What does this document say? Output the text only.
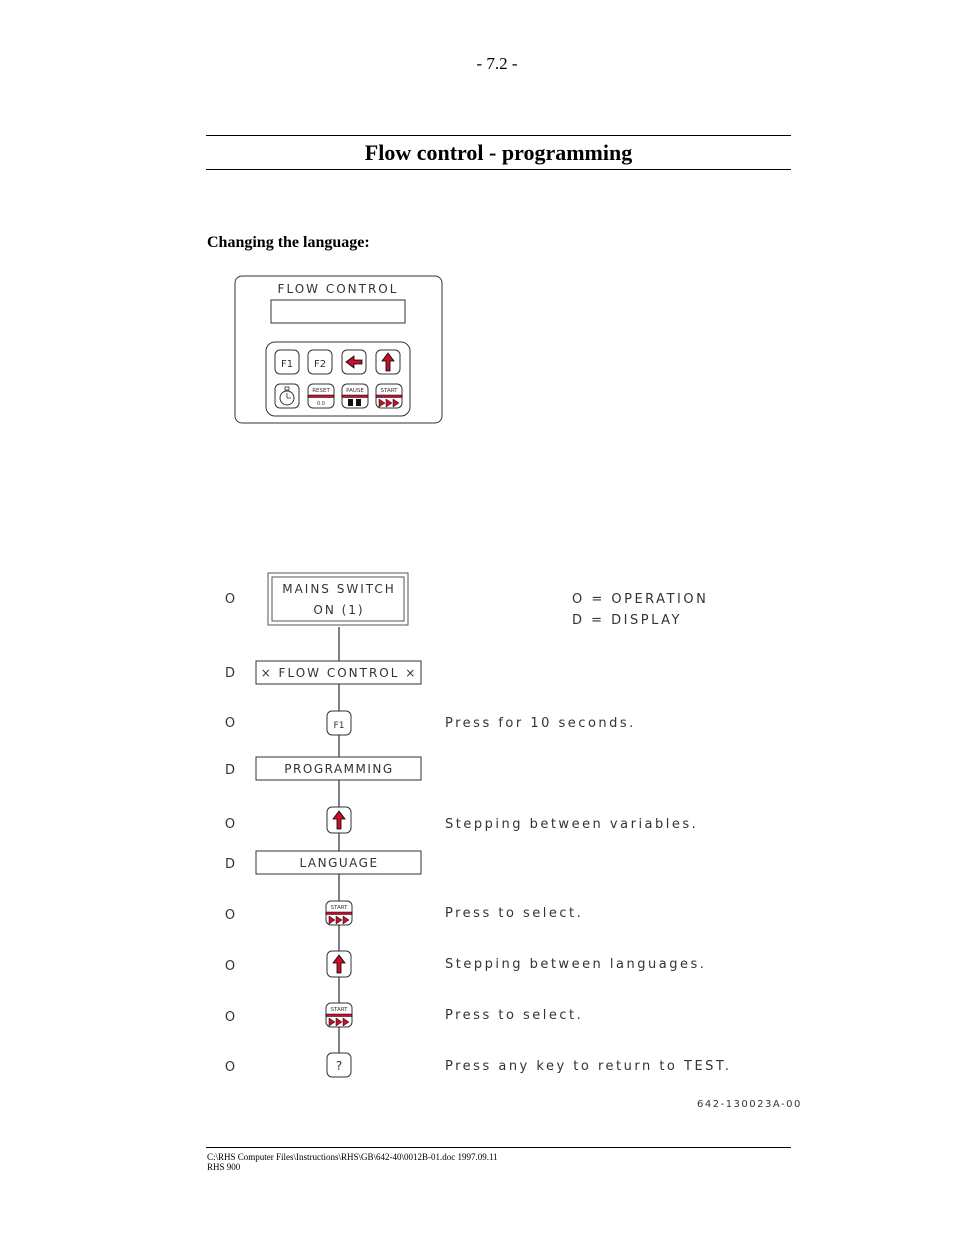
- 7.2 -
Flow control - programming
Changing the language:
FLOW CONTROL
F1 F2
RESET
0.0
PAUSE	START
O
MAINS SWITCH
ON (1)
O = OPERATION
D = DISPLAY
D × FLOW CONTROL ×
O	F1	Press for 10 seconds.
D	PROGRAMMING
O	Stepping between variables.
D	LANGUAGE
O	START	Press to select.
O	Stepping between languages.
O	START	Press to select.
O	?	Press any key to return to TEST.
642-130023A-00
C:\RHS Computer Files\Instructions\RHS\GB\642-40\0012B-01.doc 1997.09.11
RHS 900
